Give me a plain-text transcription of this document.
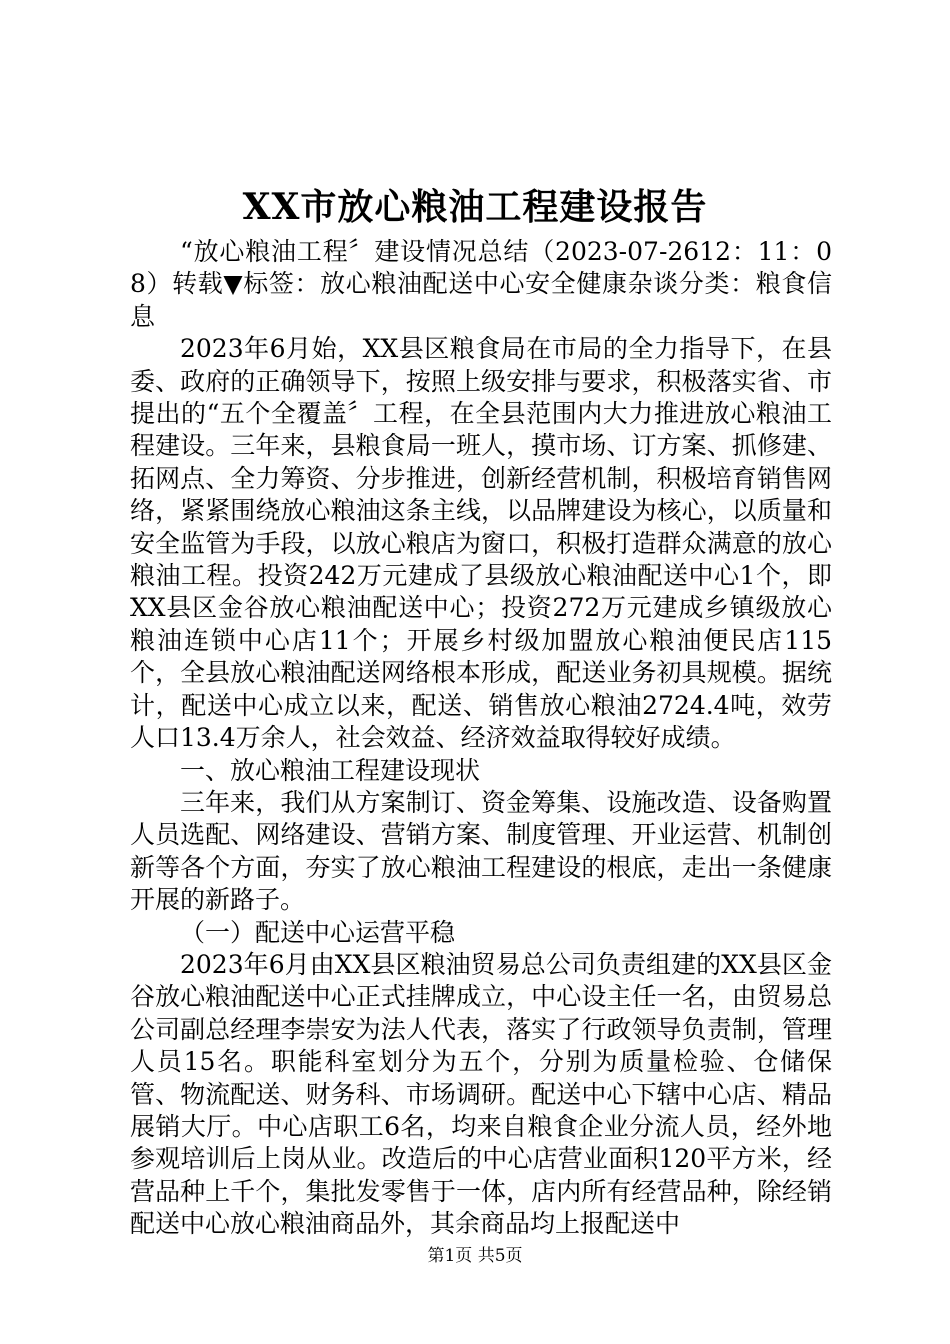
XX市放心粮油工程建设报告

“放心粮油工程〞建设情况总结（2023-07-2612：11：08）转载▼标签：放心粮油配送中心安全健康杂谈分类：粮食信息

2023年6月始，XX县区粮食局在市局的全力指导下，在县委、政府的正确领导下，按照上级安排与要求，积极落实省、市提出的“五个全覆盖〞工程，在全县范围内大力推进放心粮油工程建设。三年来，县粮食局一班人，摸市场、订方案、抓修建、拓网点、全力筹资、分步推进，创新经营机制，积极培育销售网络，紧紧围绕放心粮油这条主线，以品牌建设为核心，以质量和安全监管为手段，以放心粮店为窗口，积极打造群众满意的放心粮油工程。投资242万元建成了县级放心粮油配送中心1个，即XX县区金谷放心粮油配送中心；投资272万元建成乡镇级放心粮油连锁中心店11个；开展乡村级加盟放心粮油便民店115个，全县放心粮油配送网络根本形成，配送业务初具规模。据统计，配送中心成立以来，配送、销售放心粮油2724.4吨，效劳人口13.4万余人，社会效益、经济效益取得较好成绩。

一、放心粮油工程建设现状

三年来，我们从方案制订、资金筹集、设施改造、设备购置人员选配、网络建设、营销方案、制度管理、开业运营、机制创新等各个方面，夯实了放心粮油工程建设的根底，走出一条健康开展的新路子。

（一）配送中心运营平稳

2023年6月由XX县区粮油贸易总公司负责组建的XX县区金谷放心粮油配送中心正式挂牌成立，中心设主任一名，由贸易总公司副总经理李崇安为法人代表，落实了行政领导负责制，管理人员15名。职能科室划分为五个，分别为质量检验、仓储保管、物流配送、财务科、市场调研。配送中心下辖中心店、精品展销大厅。中心店职工6名，均来自粮食企业分流人员，经外地参观培训后上岗从业。改造后的中心店营业面积120平方米，经营品种上千个，集批发零售于一体，店内所有经营品种，除经销配送中心放心粮油商品外，其余商品均上报配送中

第1页 共5页
